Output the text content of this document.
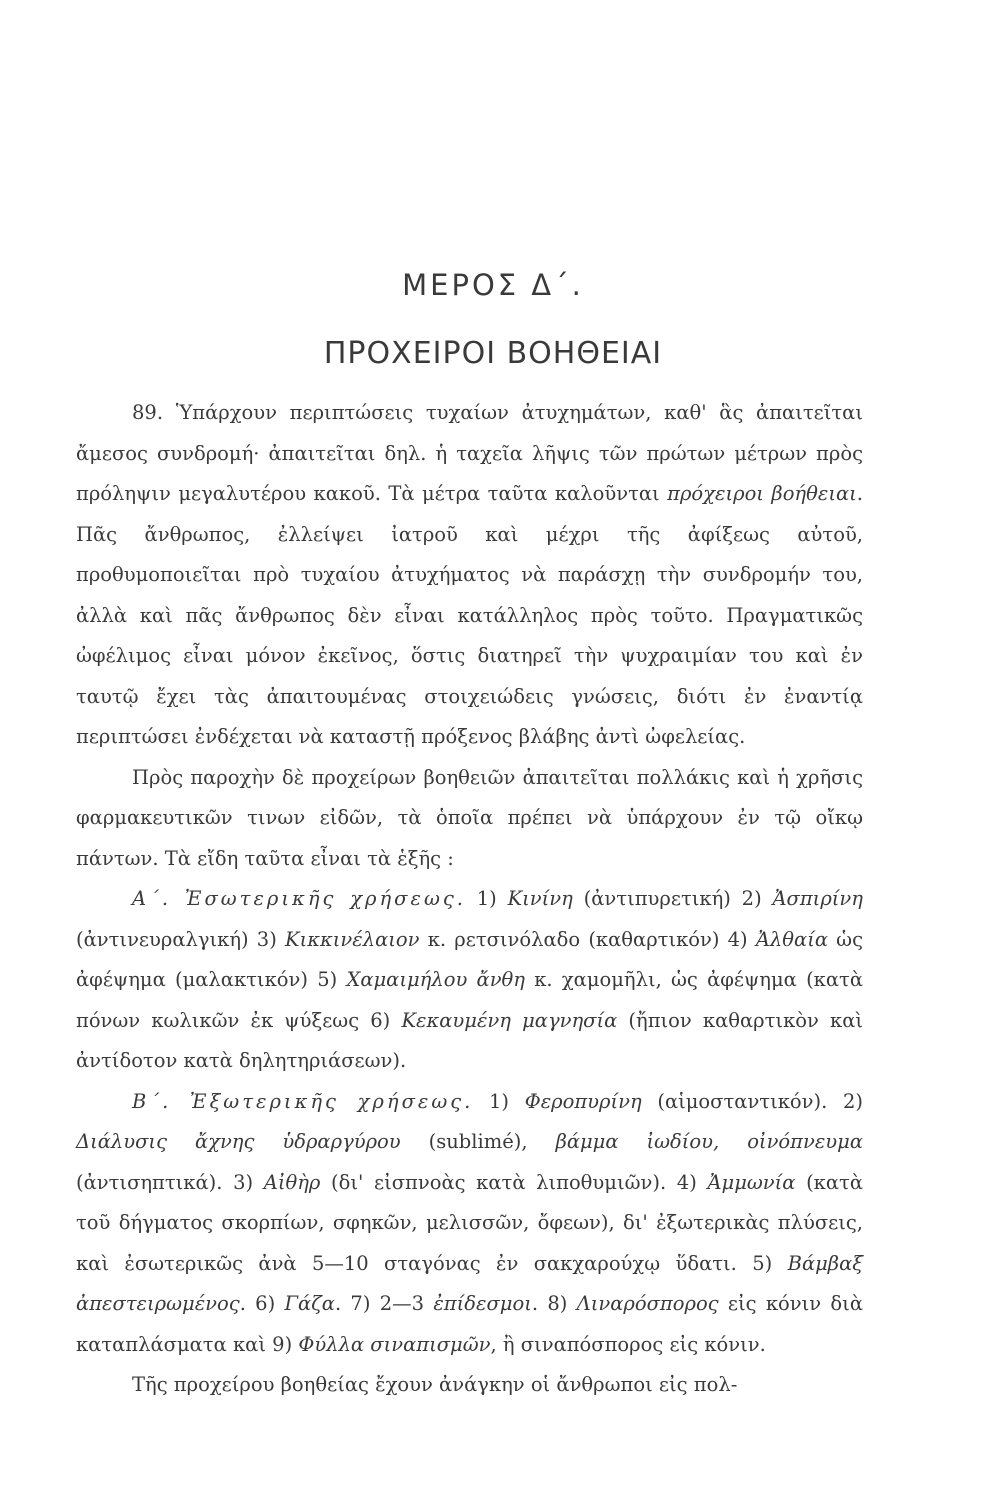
ΜΕΡΟΣ Δ΄.
ΠΡΟΧΕΙΡΟΙ ΒΟΗΘΕΙΑΙ

89. Ὑπάρχουν περιπτώσεις τυχαίων ἀτυχημάτων, καθ' ἃς ἀπαιτεῖται ἄμεσος συνδρομή· ἀπαιτεῖται δηλ. ἡ ταχεῖα λῆψις τῶν πρώτων μέτρων πρὸς πρόληψιν μεγαλυτέρου κακοῦ. Τὰ μέτρα ταῦτα καλοῦνται πρόχειροι βοήθειαι. Πᾶς ἄνθρωπος, ἐλλείψει ἰατροῦ καὶ μέχρι τῆς ἀφίξεως αὐτοῦ, προθυμοποιεῖται πρὸ τυχαίου ἀτυχήματος νὰ παράσχῃ τὴν συνδρομήν του, ἀλλὰ καὶ πᾶς ἄνθρωπος δὲν εἶναι κατάλληλος πρὸς τοῦτο. Πραγματικῶς ὠφέλιμος εἶναι μόνον ἐκεῖνος, ὅστις διατηρεῖ τὴν ψυχραιμίαν του καὶ ἐν ταυτῷ ἔχει τὰς ἀπαιτουμένας στοιχειώδεις γνώσεις, διότι ἐν ἐναντίᾳ περιπτώσει ἐνδέχεται νὰ καταστῇ πρόξενος βλάβης ἀντὶ ὠφελείας.

Πρὸς παροχὴν δὲ προχείρων βοηθειῶν ἀπαιτεῖται πολλάκις καὶ ἡ χρῆσις φαρμακευτικῶν τινων εἰδῶν, τὰ ὁποῖα πρέπει νὰ ὑπάρχουν ἐν τῷ οἴκῳ πάντων. Τὰ εἴδη ταῦτα εἶναι τὰ ἑξῆς :

Α΄. Ἐσωτερικῆς χρήσεως. 1) Κινίνη (ἀντιπυρετική) 2) Ἀσπιρίνη (ἀντινευραλγική) 3) Κικκινέλαιον κ. ρετσινόλαδο (καθαρτικόν) 4) Ἀλθαία ὡς ἀφέψημα (μαλακτικόν) 5) Χαμαιμήλου ἄνθη κ. χαμομῆλι, ὡς ἀφέψημα (κατὰ πόνων κωλικῶν ἐκ ψύξεως 6) Κεκαυμένη μαγνησία (ἤπιον καθαρτικὸν καὶ ἀντίδοτον κατὰ δηλητηριάσεων).

Β΄. Ἐξωτερικῆς χρήσεως. 1) Φεροπυρίνη (αἱμοσταντικόν). 2) Διάλυσις ἄχνης ὑδραργύρου (sublimé), βάμμα ἰωδίου, οἰνόπνευμα (ἀντισηπτικά). 3) Αἰθὴρ (δι' εἰσπνοὰς κατὰ λιποθυμιῶν). 4) Ἀμμωνία (κατὰ τοῦ δήγματος σκορπίων, σφηκῶν, μελισσῶν, ὄφεων), δι' ἐξωτερικὰς πλύσεις, καὶ ἐσωτερικῶς ἀνὰ 5—10 σταγόνας ἐν σακχαρούχῳ ὕδατι. 5) Βάμβαξ ἀπεστειρωμένος. 6) Γάζα. 7) 2—3 ἐπίδεσμοι. 8) Λιναρόσπορος εἰς κόνιν διὰ καταπλάσματα καὶ 9) Φύλλα σιναπισμῶν, ἢ σιναπόσπορος εἰς κόνιν.

Τῆς προχείρου βοηθείας ἔχουν ἀνάγκην οἱ ἄνθρωποι εἰς πολ-
